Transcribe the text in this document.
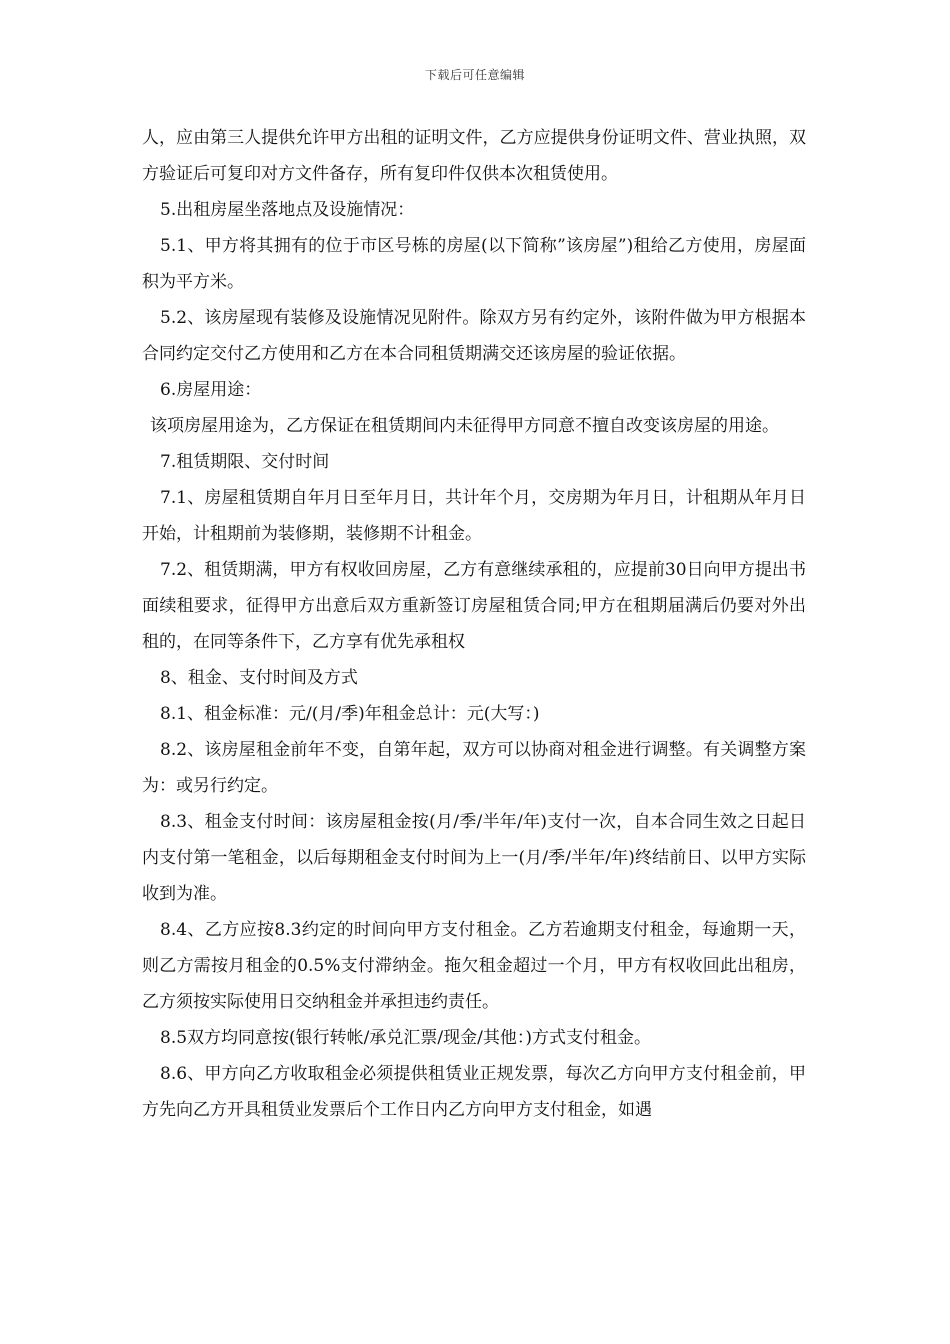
下载后可任意编辑

人，应由第三人提供允许甲方出租的证明文件，乙方应提供身份证明文件、营业执照，双方验证后可复印对方文件备存，所有复印件仅供本次租赁使用。

5.出租房屋坐落地点及设施情况：

5.1、甲方将其拥有的位于市区号栋的房屋(以下简称”该房屋”)租给乙方使用，房屋面积为平方米。

5.2、该房屋现有装修及设施情况见附件。除双方另有约定外，该附件做为甲方根据本合同约定交付乙方使用和乙方在本合同租赁期满交还该房屋的验证依据。

6.房屋用途：

该项房屋用途为，乙方保证在租赁期间内未征得甲方同意不擅自改变该房屋的用途。

7.租赁期限、交付时间

7.1、房屋租赁期自年月日至年月日，共计年个月，交房期为年月日，计租期从年月日开始，计租期前为装修期，装修期不计租金。

7.2、租赁期满，甲方有权收回房屋，乙方有意继续承租的，应提前30日向甲方提出书面续租要求，征得甲方出意后双方重新签订房屋租赁合同;甲方在租期届满后仍要对外出租的，在同等条件下，乙方享有优先承租权

8、租金、支付时间及方式

8.1、租金标准：元/(月/季)年租金总计：元(大写：)

8.2、该房屋租金前年不变，自第年起，双方可以协商对租金进行调整。有关调整方案为：或另行约定。

8.3、租金支付时间：该房屋租金按(月/季/半年/年)支付一次，自本合同生效之日起日内支付第一笔租金，以后每期租金支付时间为上一(月/季/半年/年)终结前日、以甲方实际收到为准。

8.4、乙方应按8.3约定的时间向甲方支付租金。乙方若逾期支付租金，每逾期一天，则乙方需按月租金的0.5%支付滞纳金。拖欠租金超过一个月，甲方有权收回此出租房，乙方须按实际使用日交纳租金并承担违约责任。

8.5双方均同意按(银行转帐/承兑汇票/现金/其他：)方式支付租金。

8.6、甲方向乙方收取租金必须提供租赁业正规发票，每次乙方向甲方支付租金前，甲方先向乙方开具租赁业发票后个工作日内乙方向甲方支付租金，如遇
